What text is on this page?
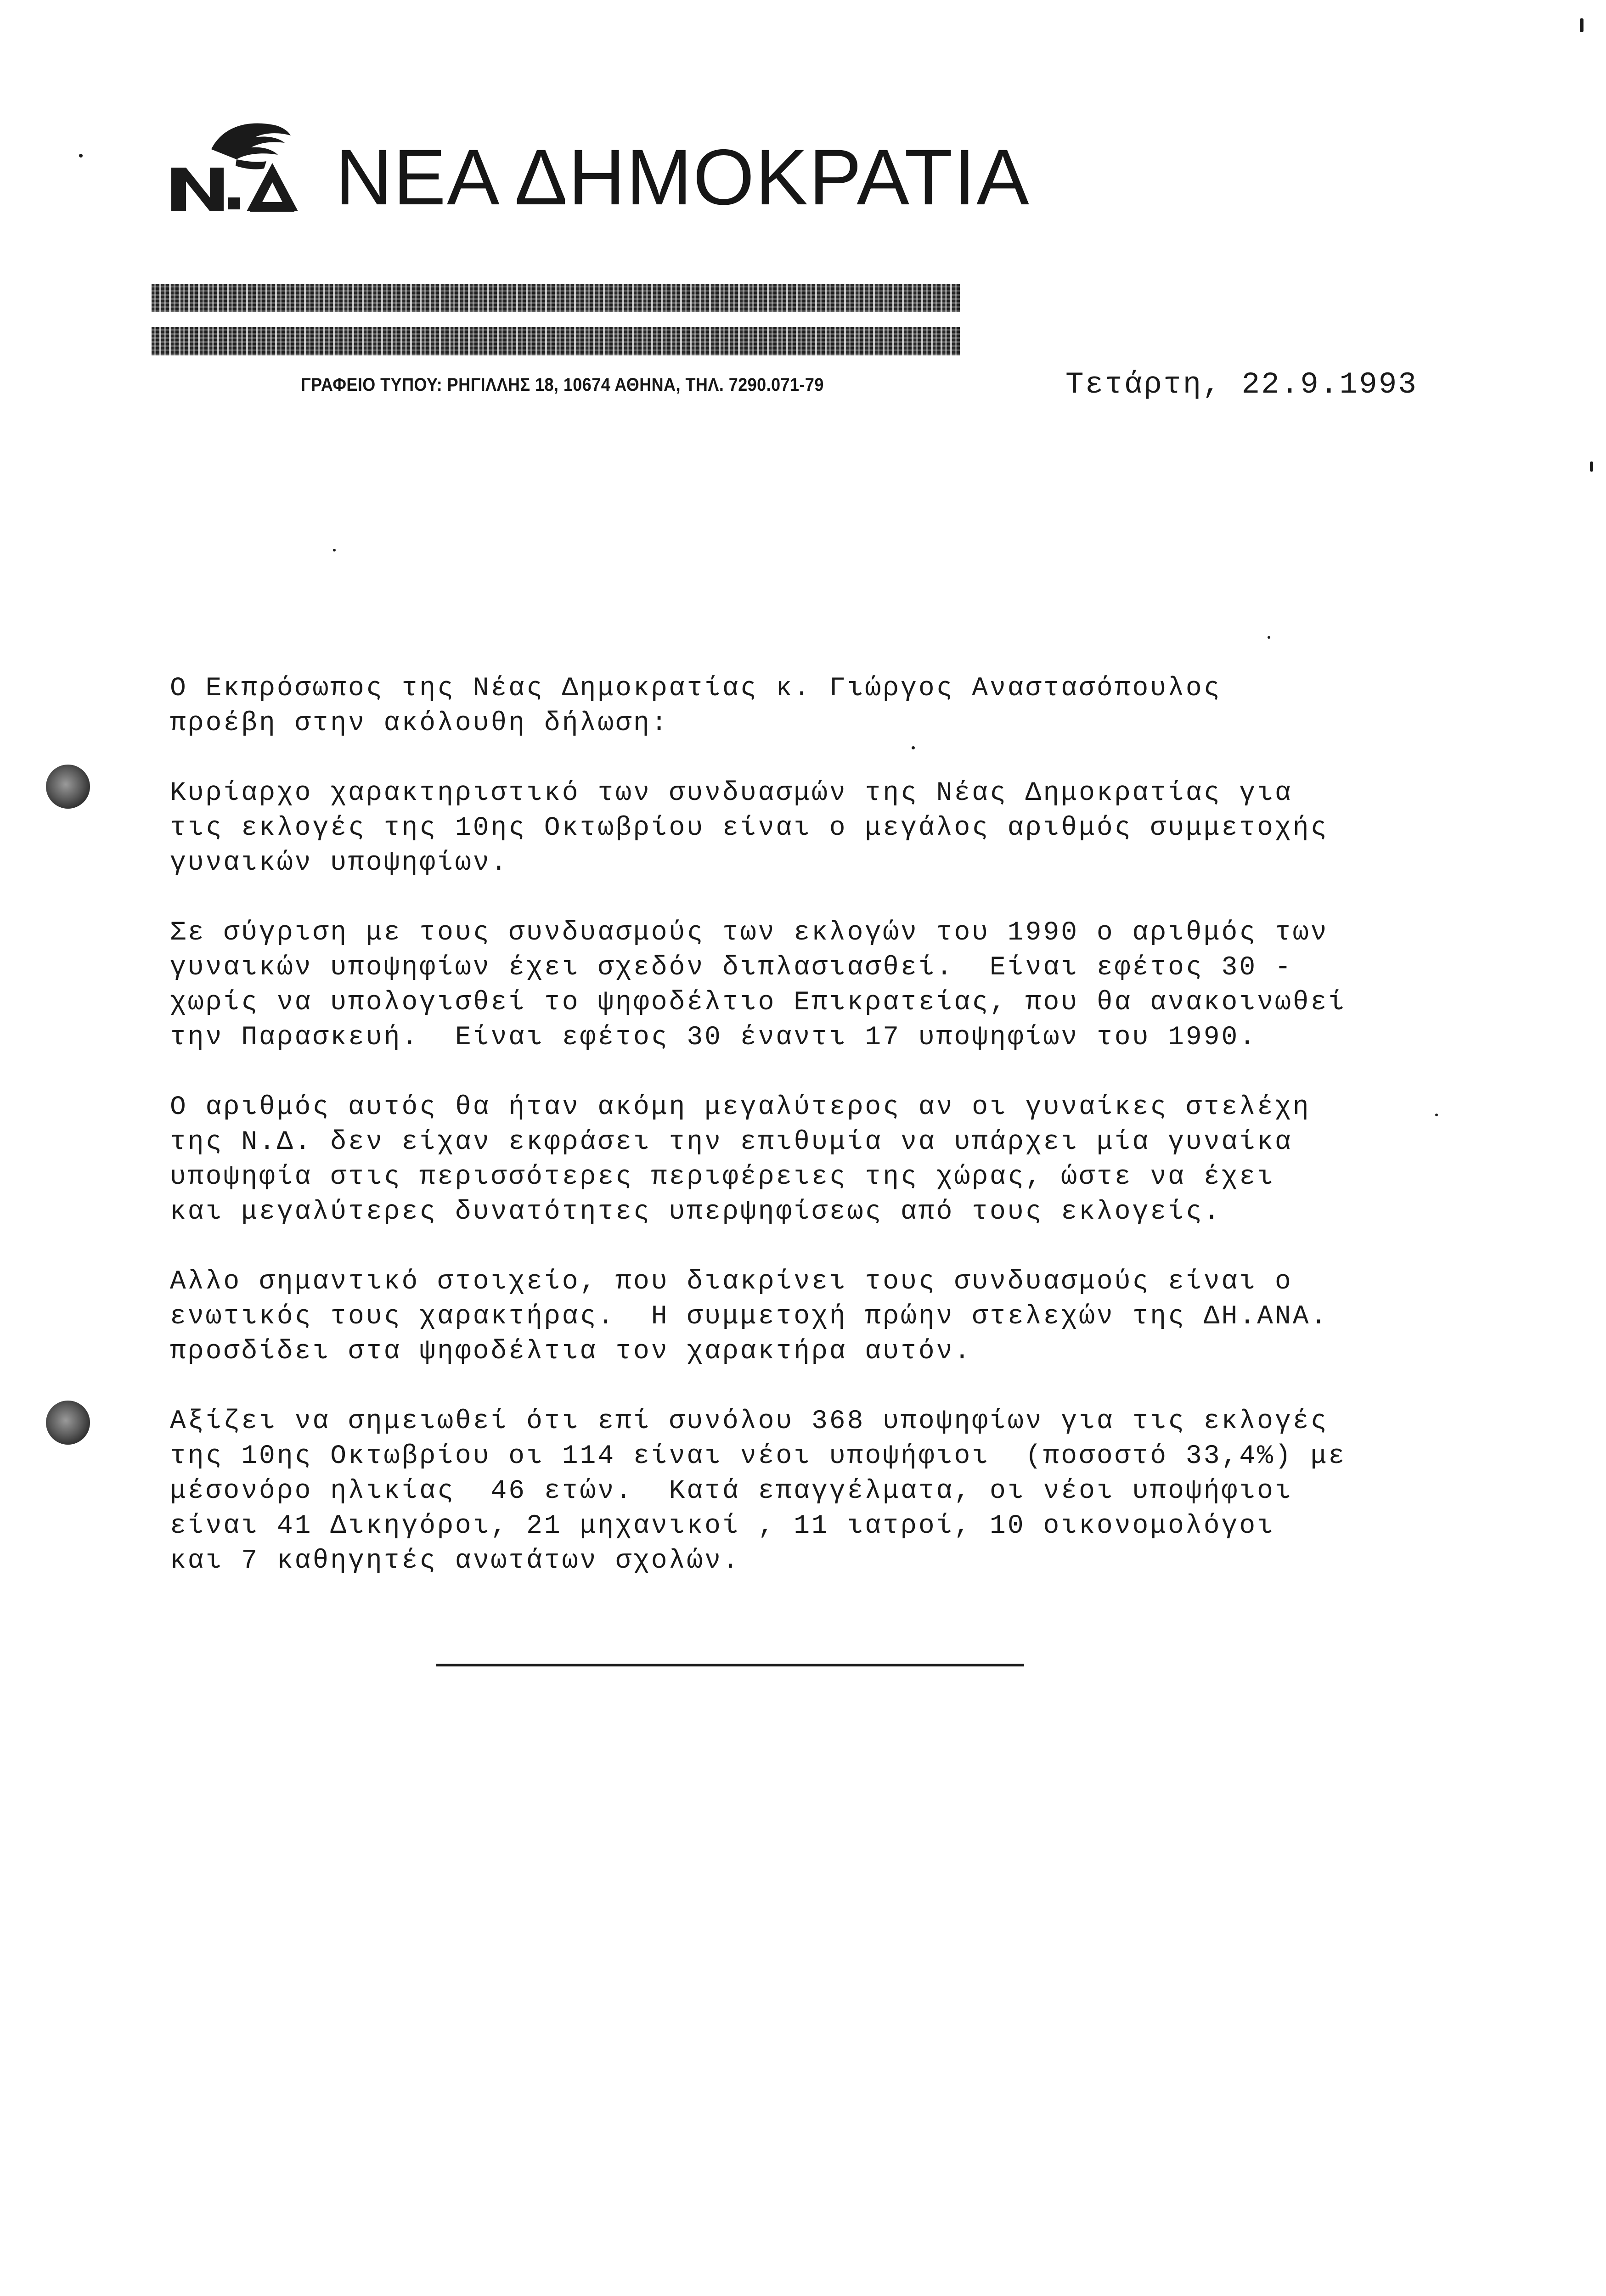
ΝΕΑ ΔΗΜΟΚΡΑΤΙΑ
ΓΡΑΦΕΙΟ ΤΥΠΟΥ: ΡΗΓΙΛΛΗΣ 18, 10674 ΑΘΗΝΑ, ΤΗΛ. 7290.071-79	Τετάρτη, 22.9.1993
Ο Εκπρόσωπος της Νέας Δημοκρατίας κ. Γιώργος Αναστασόπουλος
προέβη στην ακόλουθη δήλωση:
Κυρίαρχο χαρακτηριστικό των συνδυασμών της Νέας Δημοκρατίας για
τις εκλογές της 10ης Οκτωβρίου είναι ο μεγάλος αριθμός συμμετοχής
γυναικών υποψηφίων.
Σε σύγριση με τους συνδυασμούς των εκλογών του 1990 ο αριθμός των
γυναικών υποψηφίων έχει σχεδόν διπλασιασθεί.  Είναι εφέτος 30 -
χωρίς να υπολογισθεί το ψηφοδέλτιο Επικρατείας, που θα ανακοινωθεί
την Παρασκευή.  Είναι εφέτος 30 έναντι 17 υποψηφίων του 1990.
Ο αριθμός αυτός θα ήταν ακόμη μεγαλύτερος αν οι γυναίκες στελέχη
της Ν.Δ. δεν είχαν εκφράσει την επιθυμία να υπάρχει μία γυναίκα
υποψηφία στις περισσότερες περιφέρειες της χώρας, ώστε να έχει
και μεγαλύτερες δυνατότητες υπερψηφίσεως από τους εκλογείς.
Αλλο σημαντικό στοιχείο, που διακρίνει τους συνδυασμούς είναι ο
ενωτικός τους χαρακτήρας.  Η συμμετοχή πρώην στελεχών της ΔΗ.ΑΝΑ.
προσδίδει στα ψηφοδέλτια τον χαρακτήρα αυτόν.
Αξίζει να σημειωθεί ότι επί συνόλου 368 υποψηφίων για τις εκλογές
της 10ης Οκτωβρίου οι 114 είναι νέοι υποψήφιοι  (ποσοστό 33,4%) με
μέσονόρο ηλικίας  46 ετών.  Κατά επαγγέλματα, οι νέοι υποψήφιοι
είναι 41 Δικηγόροι, 21 μηχανικοί , 11 ιατροί, 10 οικονομολόγοι
και 7 καθηγητές ανωτάτων σχολών.
